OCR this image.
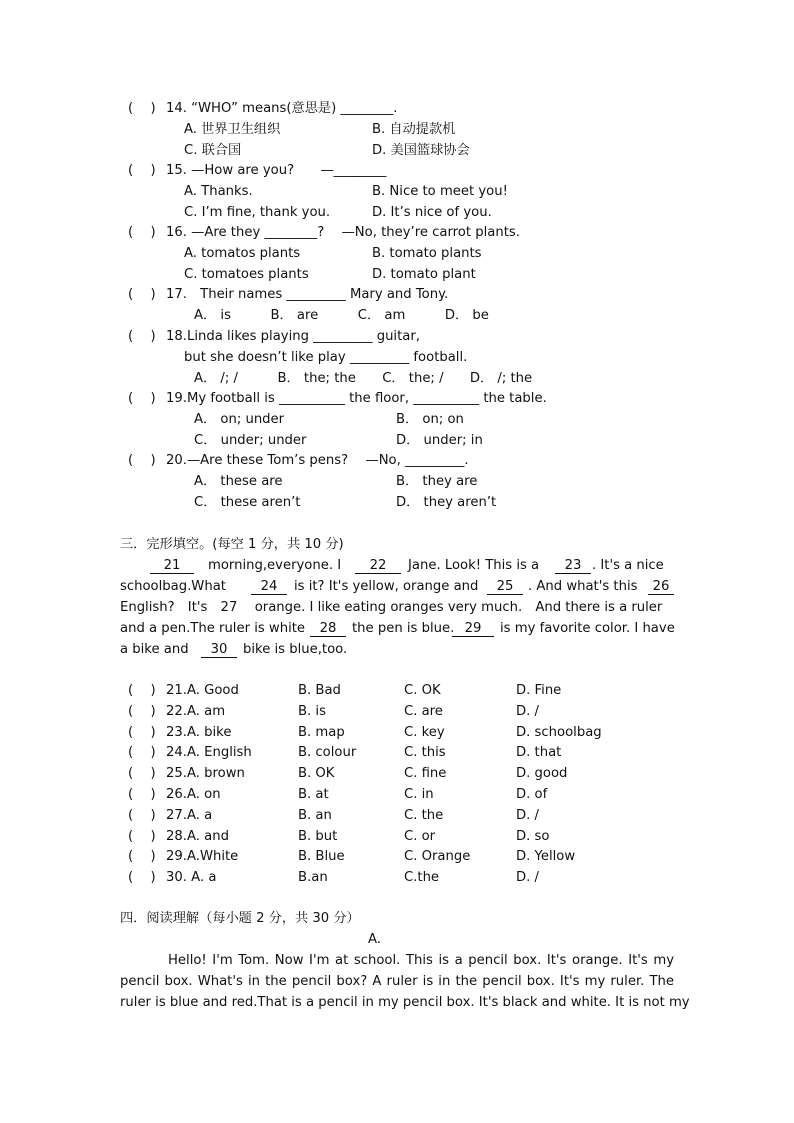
(　 ) 14. “WHO” means(意思是) ________.
A. 世界卫生组织	B. 自动提款机
C. 联合国	D. 美国篮球协会
(　 ) 15. —How are you?　　—________
A. Thanks.	B. Nice to meet you!
C. I’m fine, thank you.	D. It’s nice of you.
(　 ) 16. —Are they ________?　 —No, they’re carrot plants.
A. tomatos plants	B. tomato plants
C. tomatoes plants	D. tomato plant
(　 ) 17.　Their names _________ Mary and Tony.
A． is　　　B． are　　　C． am　　　D． be
(　 ) 18.Linda likes playing _________ guitar,
but she doesn’t like play _________ football.
A． /; /　　　B． the; the　　C． the; /　　D． /; the
(　 ) 19.My football is __________ the floor, __________ the table.
A． on; under	B． on; on
C． under; under	D． under; in
(　 ) 20.—Are these Tom’s pens?　 —No, _________.
A． these are	B． they are
C． these aren’t	D． they aren’t
三．完形填空。(每空 1 分，共 10 分)
21	morning,everyone. I	22	Jane. Look! This is a	23 . It's a nice
schoolbag.What	24	is it? It's yellow, orange and	25	. And what's this	26
English?　It's　27　 orange. I like eating oranges very much.　And there is a ruler
and a pen.The ruler is white	28	the pen is blue. 29	is my favorite color. I have
a bike and	30	bike is blue,too.
(　 ) 21.A. Good	B. Bad	C. OK	D. Fine
(　 ) 22.A. am	B. is	C. are	D. /
(　 ) 23.A. bike	B. map	C. key	D. schoolbag
(　 ) 24.A. English	B. colour	C. this	D. that
(　 ) 25.A. brown	B. OK	C. fine	D. good
(　 ) 26.A. on	B. at	C. in	D. of
(　 ) 27.A. a	B. an	C. the	D. /
(　 ) 28.A. and	B. but	C. or	D. so
(　 ) 29.A.White	B. Blue	C. Orange	D. Yellow
(　 ) 30. A. a	B.an	C.the	D. /
四．阅读理解（每小题 2 分，共 30 分）
A.
Hello! I'm Tom. Now I'm at school. This is a pencil box. It's orange. It's my
pencil box. What's in the pencil box? A ruler is in the pencil box. It's my ruler. The
ruler is blue and red.That is a pencil in my pencil box. It's black and white. It is not my
